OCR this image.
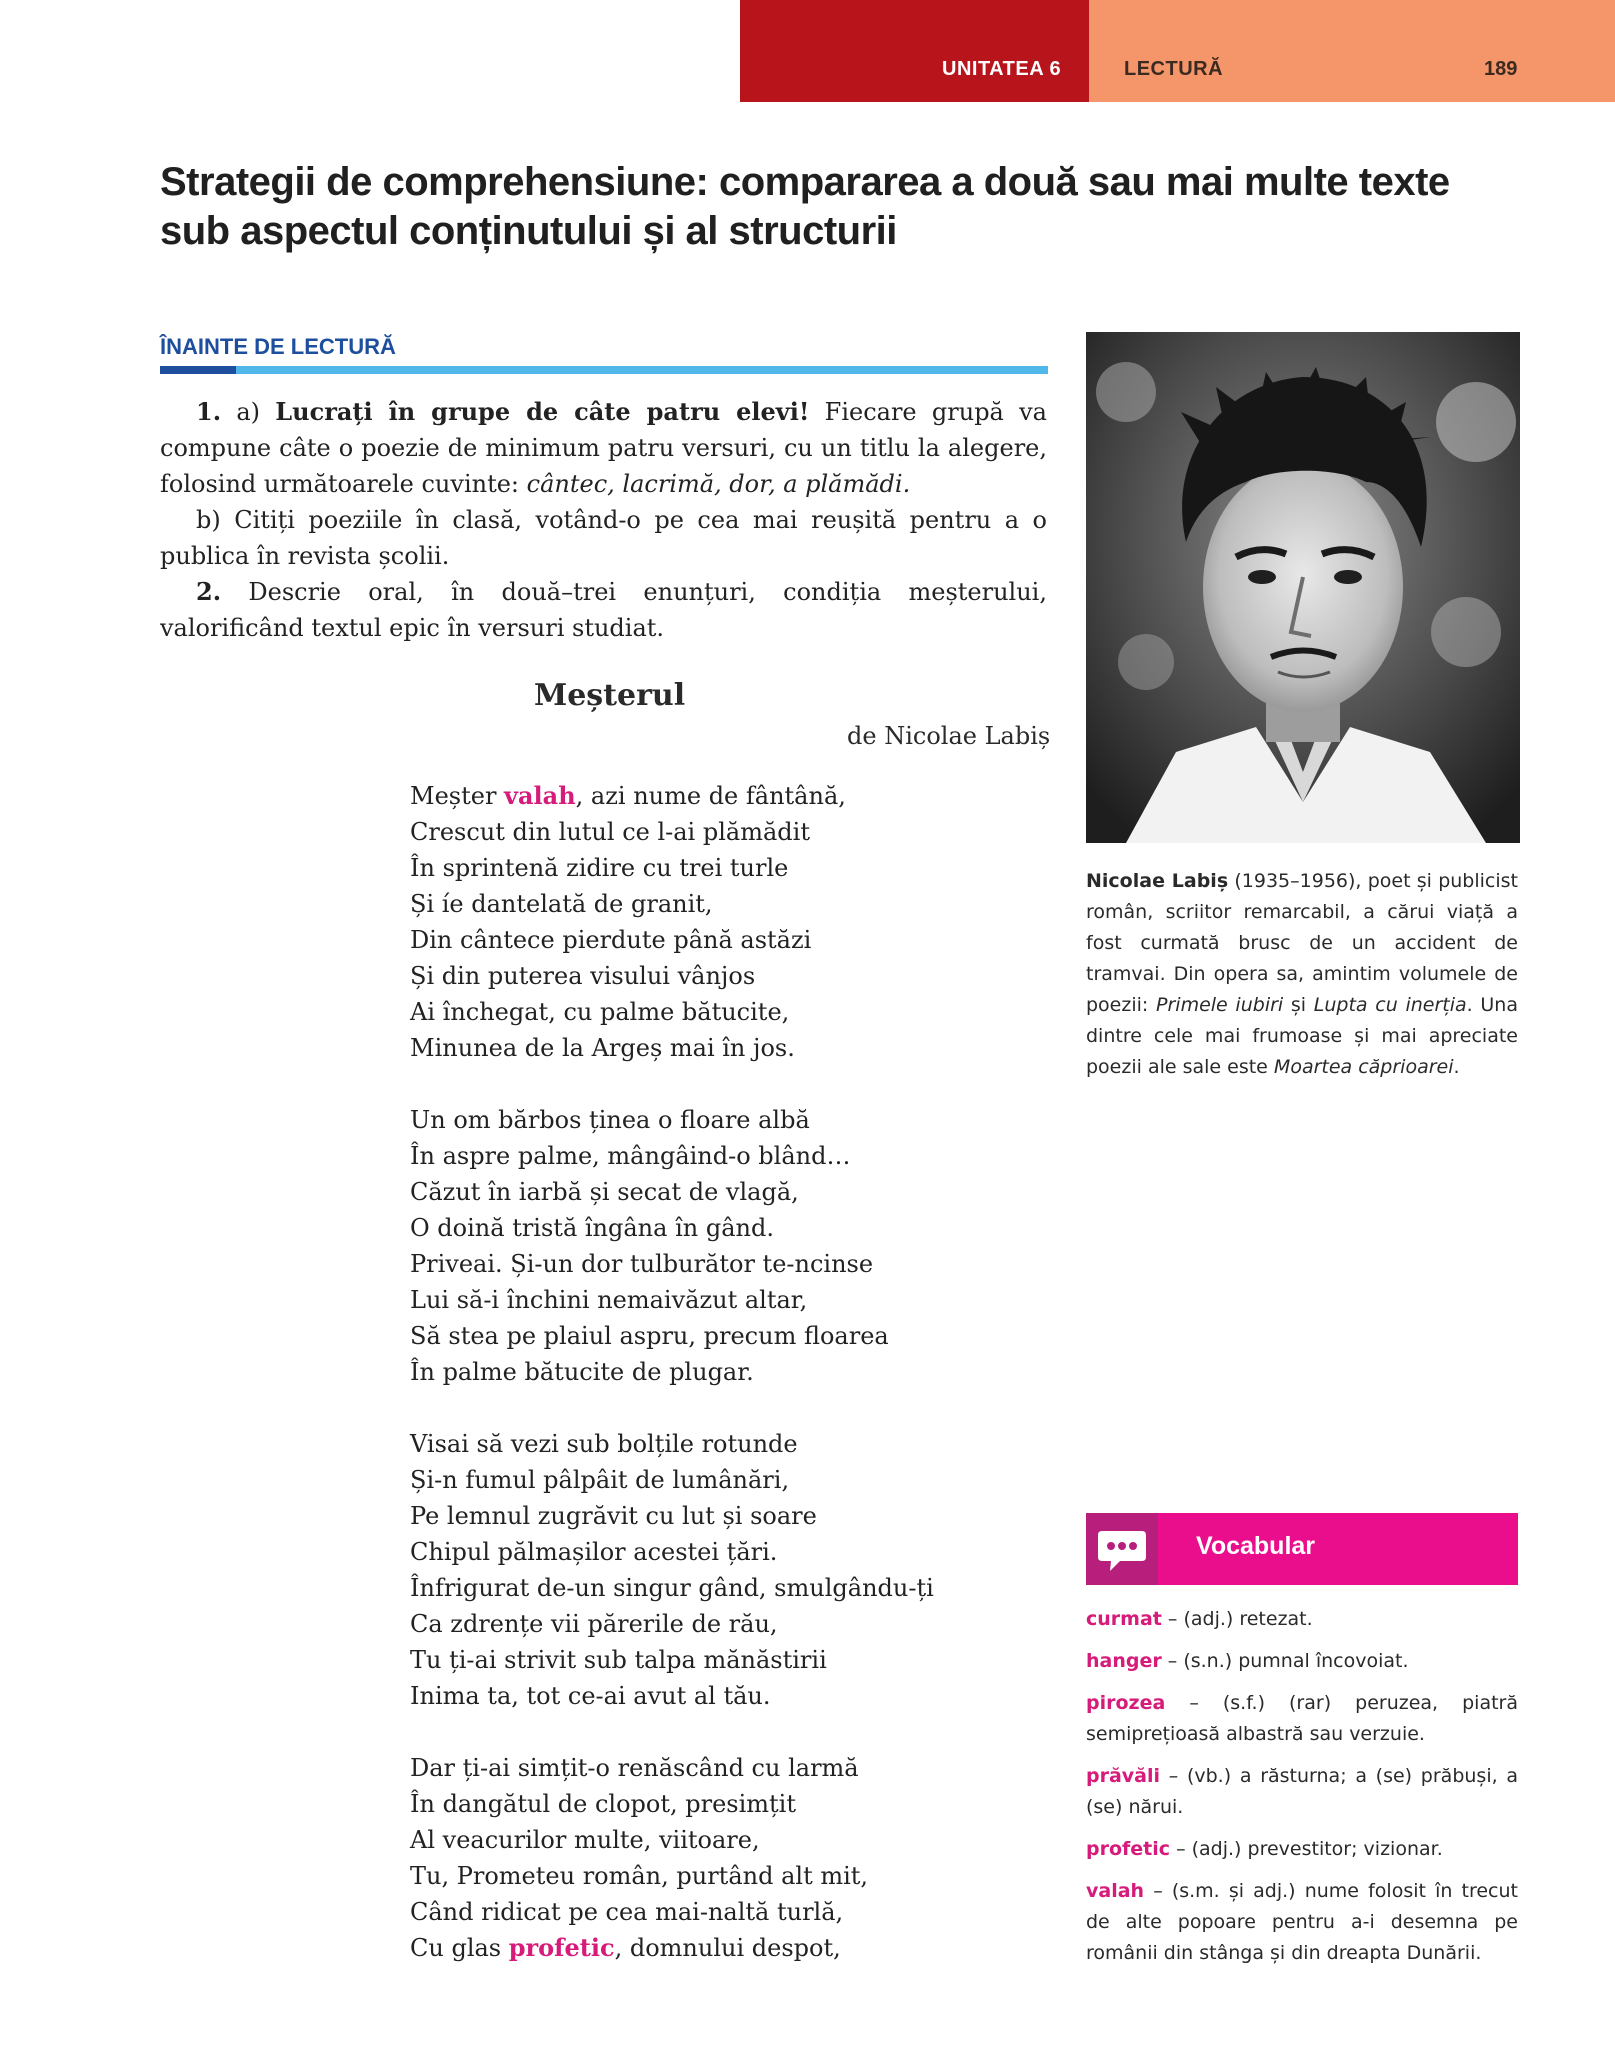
UNITATEA 6	LECTURĂ	189
Strategii de comprehensiune: compararea a două sau mai multe texte
sub aspectul conținutului și al structurii
ÎNAINTE DE LECTURĂ

1. a) Lucrați în grupe de câte patru elevi! Fiecare grupă va compune câte o poezie de minimum patru versuri, cu un titlu la alegere, folosind următoarele cuvinte: cântec, lacrimă, dor, a plămădi.

b) Citiți poeziile în clasă, votând-o pe cea mai reușită pentru a o publica în revista școlii.

2. Descrie oral, în două–trei enunțuri, condiția meșterului, valorificând textul epic în versuri studiat.

Meșterul
de Nicolae Labiș
Meșter valah, azi nume de fântână,
Crescut din lutul ce l-ai plămădit
În sprintenă zidire cu trei turle
Și íe dantelată de granit,
Din cântece pierdute până astăzi
Și din puterea visului vânjos
Ai închegat, cu palme bătucite,
Minunea de la Argeș mai în jos.
Un om bărbos ținea o floare albă
În aspre palme, mângâind-o blând…
Căzut în iarbă și secat de vlagă,
O doină tristă îngâna în gând.
Priveai. Și-un dor tulburător te-ncinse
Lui să-i închini nemaivăzut altar,
Să stea pe plaiul aspru, precum floarea
În palme bătucite de plugar.
Visai să vezi sub bolțile rotunde
Și-n fumul pâlpâit de lumânări,
Pe lemnul zugrăvit cu lut și soare
Chipul pălmașilor acestei țări.
Înfrigurat de-un singur gând, smulgându-ți
Ca zdrențe vii părerile de rău,
Tu ți-ai strivit sub talpa mănăstirii
Inima ta, tot ce-ai avut al tău.
Dar ți-ai simțit-o renăscând cu larmă
În dangătul de clopot, presimțit
Al veacurilor multe, viitoare,
Tu, Prometeu român, purtând alt mit,
Când ridicat pe cea mai-naltă turlă,
Cu glas profetic, domnului despot,
Nicolae Labiș (1935–1956), poet și publicist român, scriitor remarcabil, a cărui viață a fost curmată brusc de un accident de tramvai. Din opera sa, amintim volumele de poezii: Primele iubiri și Lupta cu inerția. Una dintre cele mai frumoase și mai apreciate poezii ale sale este Moartea căprioarei.
Vocabular
curmat – (adj.) retezat.
hanger – (s.n.) pumnal încovoiat.
pirozea – (s.f.) (rar) peruzea, piatră semiprețioasă albastră sau verzuie.
prăvăli – (vb.) a răsturna; a (se) prăbuși, a (se) nărui.
profetic – (adj.) prevestitor; vizionar.
valah – (s.m. și adj.) nume folosit în trecut de alte popoare pentru a-i desemna pe românii din stânga și din dreapta Dunării.
